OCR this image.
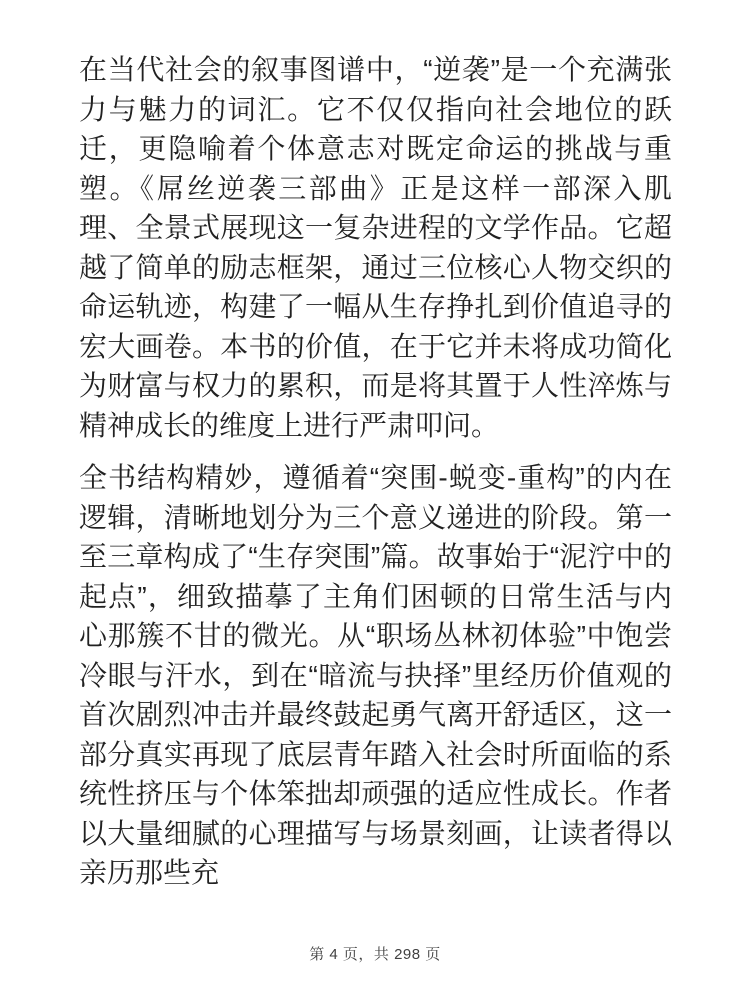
在当代社会的叙事图谱中，“逆袭”是一个充满张力与魅力的词汇。它不仅仅指向社会地位的跃迁，更隐喻着个体意志对既定命运的挑战与重塑。《屌丝逆袭三部曲》正是这样一部深入肌理、全景式展现这一复杂进程的文学作品。它超越了简单的励志框架，通过三位核心人物交织的命运轨迹，构建了一幅从生存挣扎到价值追寻的宏大画卷。本书的价值，在于它并未将成功简化为财富与权力的累积，而是将其置于人性淬炼与精神成长的维度上进行严肃叩问。

全书结构精妙，遵循着“突围-蜕变-重构”的内在逻辑，清晰地划分为三个意义递进的阶段。第一至三章构成了“生存突围”篇。故事始于“泥泞中的起点”，细致描摹了主角们困顿的日常生活与内心那簇不甘的微光。从“职场丛林初体验”中饱尝冷眼与汗水，到在“暗流与抉择”里经历价值观的首次剧烈冲击并最终鼓起勇气离开舒适区，这一部分真实再现了底层青年踏入社会时所面临的系统性挤压与个体笨拙却顽强的适应性成长。作者以大量细腻的心理描写与场景刻画，让读者得以亲历那些充

第 4 页，共 298 页
